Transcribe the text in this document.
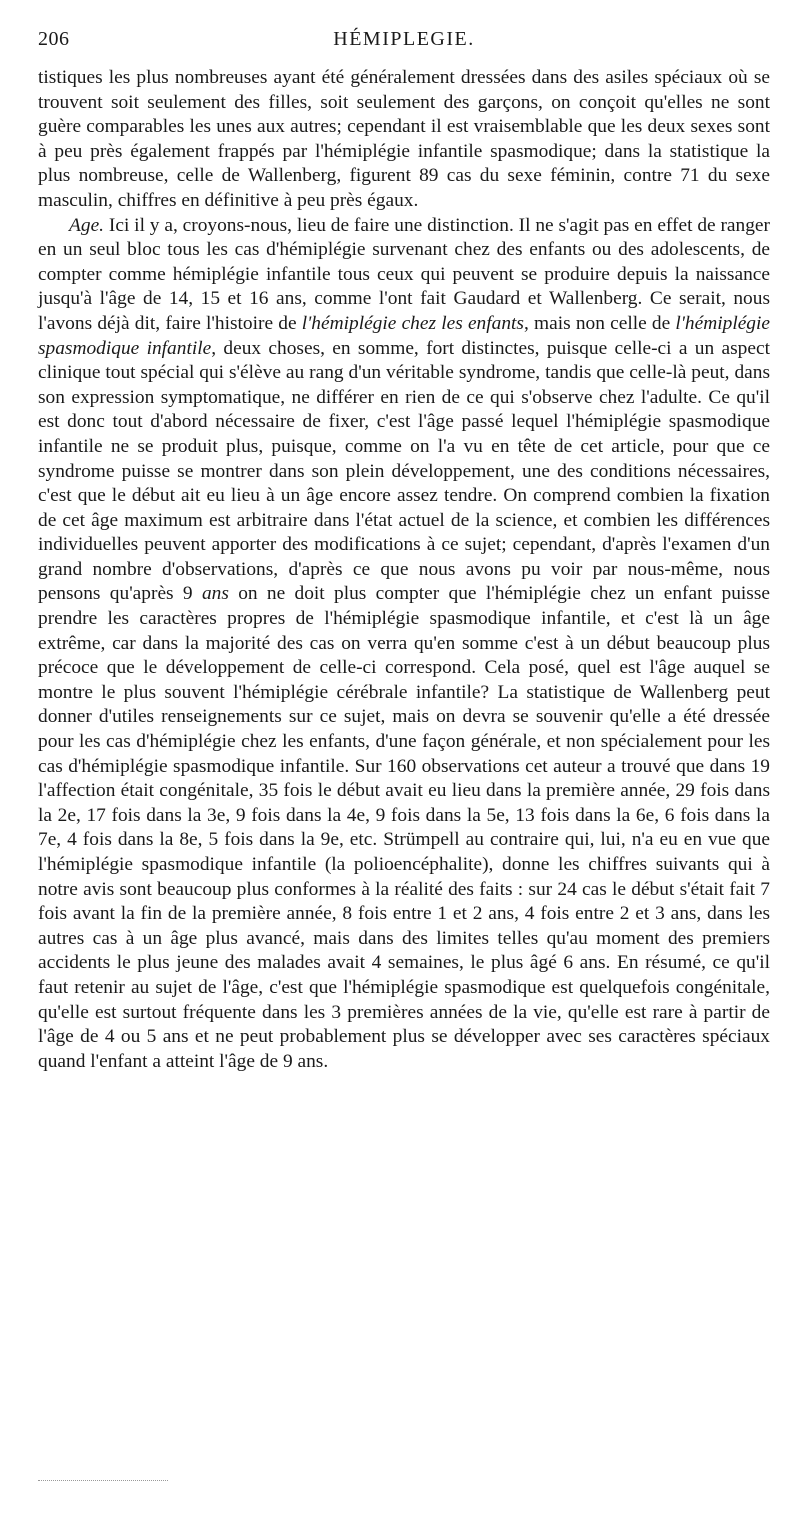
206	HÉMIPLEGIE.

tistiques les plus nombreuses ayant été généralement dressées dans des asiles spéciaux où se trouvent soit seulement des filles, soit seulement des garçons, on conçoit qu'elles ne sont guère comparables les unes aux autres; cependant il est vraisemblable que les deux sexes sont à peu près également frappés par l'hémiplégie infantile spasmodique; dans la statistique la plus nombreuse, celle de Wallenberg, figurent 89 cas du sexe féminin, contre 71 du sexe masculin, chiffres en définitive à peu près égaux.

Age. Ici il y a, croyons-nous, lieu de faire une distinction. Il ne s'agit pas en effet de ranger en un seul bloc tous les cas d'hémiplégie survenant chez des enfants ou des adolescents, de compter comme hémiplégie infantile tous ceux qui peuvent se produire depuis la naissance jusqu'à l'âge de 14, 15 et 16 ans, comme l'ont fait Gaudard et Wallenberg. Ce serait, nous l'avons déjà dit, faire l'histoire de l'hémiplégie chez les enfants, mais non celle de l'hémiplégie spasmodique infantile, deux choses, en somme, fort distinctes, puisque celle-ci a un aspect clinique tout spécial qui s'élève au rang d'un véritable syndrome, tandis que celle-là peut, dans son expression symptomatique, ne différer en rien de ce qui s'observe chez l'adulte. Ce qu'il est donc tout d'abord nécessaire de fixer, c'est l'âge passé lequel l'hémiplégie spasmodique infantile ne se produit plus, puisque, comme on l'a vu en tête de cet article, pour que ce syndrome puisse se montrer dans son plein développement, une des conditions nécessaires, c'est que le début ait eu lieu à un âge encore assez tendre. On comprend combien la fixation de cet âge maximum est arbitraire dans l'état actuel de la science, et combien les différences individuelles peuvent apporter des modifications à ce sujet; cependant, d'après l'examen d'un grand nombre d'observations, d'après ce que nous avons pu voir par nous-même, nous pensons qu'après 9 ans on ne doit plus compter que l'hémiplégie chez un enfant puisse prendre les caractères propres de l'hémiplégie spasmodique infantile, et c'est là un âge extrême, car dans la majorité des cas on verra qu'en somme c'est à un début beaucoup plus précoce que le développement de celle-ci correspond. Cela posé, quel est l'âge auquel se montre le plus souvent l'hémiplégie cérébrale infantile? La statistique de Wallenberg peut donner d'utiles renseignements sur ce sujet, mais on devra se souvenir qu'elle a été dressée pour les cas d'hémiplégie chez les enfants, d'une façon générale, et non spécialement pour les cas d'hémiplégie spasmodique infantile. Sur 160 observations cet auteur a trouvé que dans 19 l'affection était congénitale, 35 fois le début avait eu lieu dans la première année, 29 fois dans la 2e, 17 fois dans la 3e, 9 fois dans la 4e, 9 fois dans la 5e, 13 fois dans la 6e, 6 fois dans la 7e, 4 fois dans la 8e, 5 fois dans la 9e, etc. Strümpell au contraire qui, lui, n'a eu en vue que l'hémiplégie spasmodique infantile (la polioencéphalite), donne les chiffres suivants qui à notre avis sont beaucoup plus conformes à la réalité des faits : sur 24 cas le début s'était fait 7 fois avant la fin de la première année, 8 fois entre 1 et 2 ans, 4 fois entre 2 et 3 ans, dans les autres cas à un âge plus avancé, mais dans des limites telles qu'au moment des premiers accidents le plus jeune des malades avait 4 semaines, le plus âgé 6 ans. En résumé, ce qu'il faut retenir au sujet de l'âge, c'est que l'hémiplégie spasmodique est quelquefois congénitale, qu'elle est surtout fréquente dans les 3 premières années de la vie, qu'elle est rare à partir de l'âge de 4 ou 5 ans et ne peut probablement plus se développer avec ses caractères spéciaux quand l'enfant a atteint l'âge de 9 ans.
